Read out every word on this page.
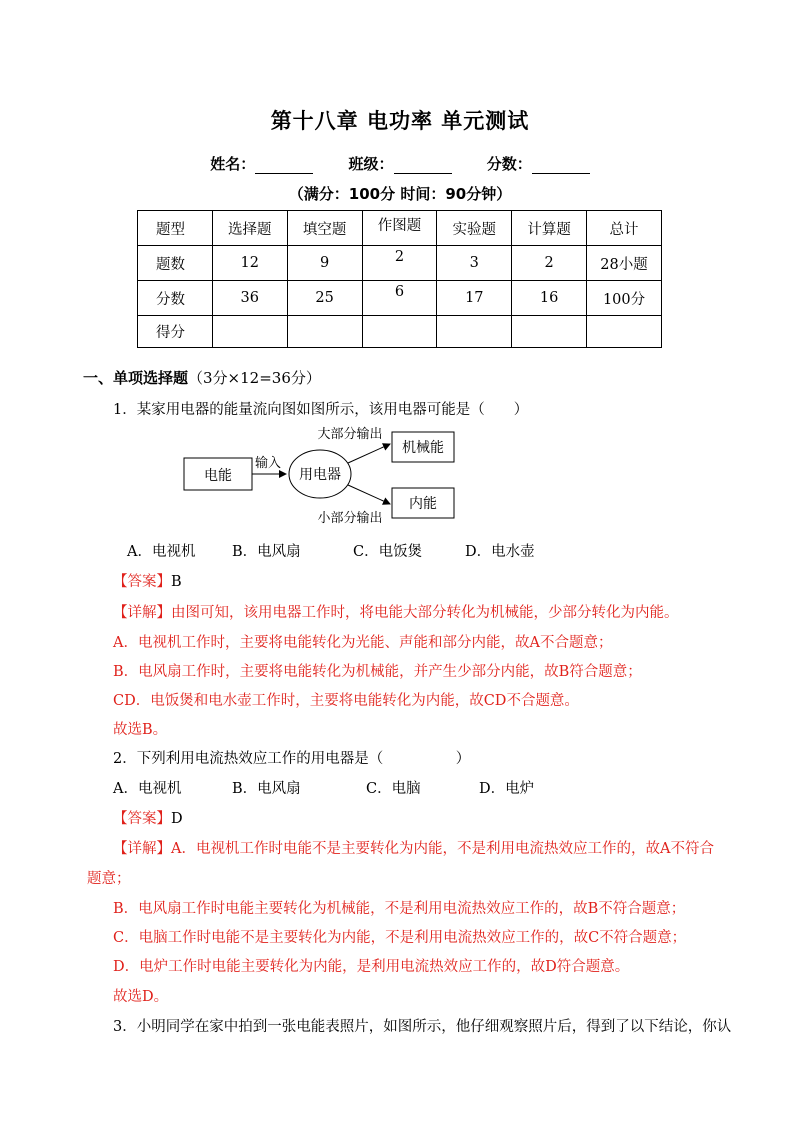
第十八章 电功率 单元测试
姓名：	班级：	分数：
（满分：100分 时间：90分钟）
题型	选择题	填空题	作图题	实验题	计算题	总计
题数	12	9	2	3	2	28小题
分数	36	25	6	17	16	100分
得分						
一、单项选择题（3分×12=36分）
1．某家用电器的能量流向图如图所示，该用电器可能是（　　）
电能
输入
用电器
大部分输出
小部分输出
机械能
内能
A．电视机	B．电风扇	C．电饭煲	D．电水壶
【答案】B
【详解】由图可知，该用电器工作时，将电能大部分转化为机械能，少部分转化为内能。
A．电视机工作时，主要将电能转化为光能、声能和部分内能，故A不合题意；
B．电风扇工作时，主要将电能转化为机械能，并产生少部分内能，故B符合题意；
CD．电饭煲和电水壶工作时，主要将电能转化为内能，故CD不合题意。
故选B。
2．下列利用电流热效应工作的用电器是（　　　　　）
A．电视机	B．电风扇	C．电脑	D．电炉
【答案】D
【详解】A．电视机工作时电能不是主要转化为内能，不是利用电流热效应工作的，故A不符合
题意；
B．电风扇工作时电能主要转化为机械能，不是利用电流热效应工作的，故B不符合题意；
C．电脑工作时电能不是主要转化为内能，不是利用电流热效应工作的，故C不符合题意；
D．电炉工作时电能主要转化为内能，是利用电流热效应工作的，故D符合题意。
故选D。
3．小明同学在家中拍到一张电能表照片，如图所示，他仔细观察照片后，得到了以下结论，你认
